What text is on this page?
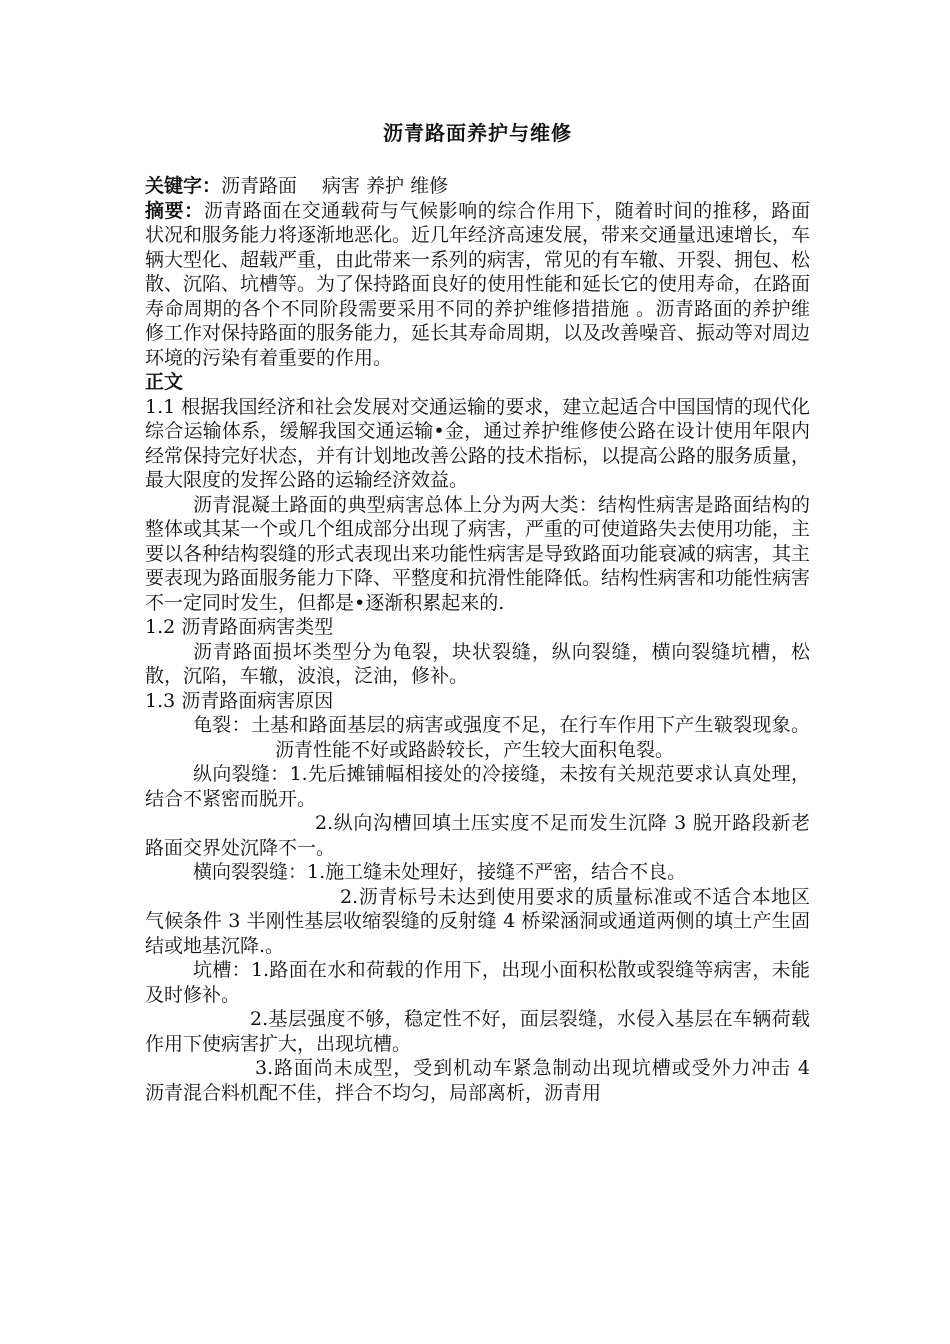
沥青路面养护与维修

关键字：沥青路面　 病害 养护 维修

摘要：沥青路面在交通载荷与气候影响的综合作用下，随着时间的推移，路面状况和服务能力将逐渐地恶化。近几年经济高速发展，带来交通量迅速增长，车辆大型化、超载严重，由此带来一系列的病害，常见的有车辙、开裂、拥包、松散、沉陷、坑槽等。为了保持路面良好的使用性能和延长它的使用寿命，在路面寿命周期的各个不同阶段需要采用不同的养护维修措措施 。沥青路面的养护维修工作对保持路面的服务能力，延长其寿命周期，以及改善噪音、振动等对周边环境的污染有着重要的作用。

正文

1.1 根据我国经济和社会发展对交通运输的要求，建立起适合中国国情的现代化综合运输体系，缓解我国交通运输•金，通过养护维修使公路在设计使用年限内经常保持完好状态，并有计划地改善公路的技术指标，以提高公路的服务质量，最大限度的发挥公路的运输经济效益。

沥青混凝土路面的典型病害总体上分为两大类：结构性病害是路面结构的整体或其某一个或几个组成部分出现了病害，严重的可使道路失去使用功能，主要以各种结构裂缝的形式表现出来功能性病害是导致路面功能衰减的病害，其主要表现为路面服务能力下降、平整度和抗滑性能降低。结构性病害和功能性病害不一定同时发生，但都是•逐渐积累起来的.

1.2 沥青路面病害类型

沥青路面损坏类型分为龟裂，块状裂缝，纵向裂缝，横向裂缝坑槽，松散，沉陷，车辙，波浪，泛油，修补。

1.3 沥青路面病害原因

龟裂：土基和路面基层的病害或强度不足，在行车作用下产生皲裂现象。沥青性能不好或路龄较长，产生较大面积龟裂。

纵向裂缝：1.先后摊铺幅相接处的冷接缝，未按有关规范要求认真处理，结合不紧密而脱开。

2.纵向沟槽回填土压实度不足而发生沉降 3 脱开路段新老路面交界处沉降不一。

横向裂裂缝：1.施工缝未处理好，接缝不严密，结合不良。

2.沥青标号未达到使用要求的质量标准或不适合本地区气候条件 3 半刚性基层收缩裂缝的反射缝 4 桥梁涵洞或通道两侧的填土产生固结或地基沉降.。

坑槽：1.路面在水和荷载的作用下，出现小面积松散或裂缝等病害，未能及时修补。

2.基层强度不够，稳定性不好，面层裂缝，水侵入基层在车辆荷载作用下使病害扩大，出现坑槽。

3.路面尚未成型，受到机动车紧急制动出现坑槽或受外力冲击 4 沥青混合料机配不佳，拌合不均匀，局部离析，沥青用
